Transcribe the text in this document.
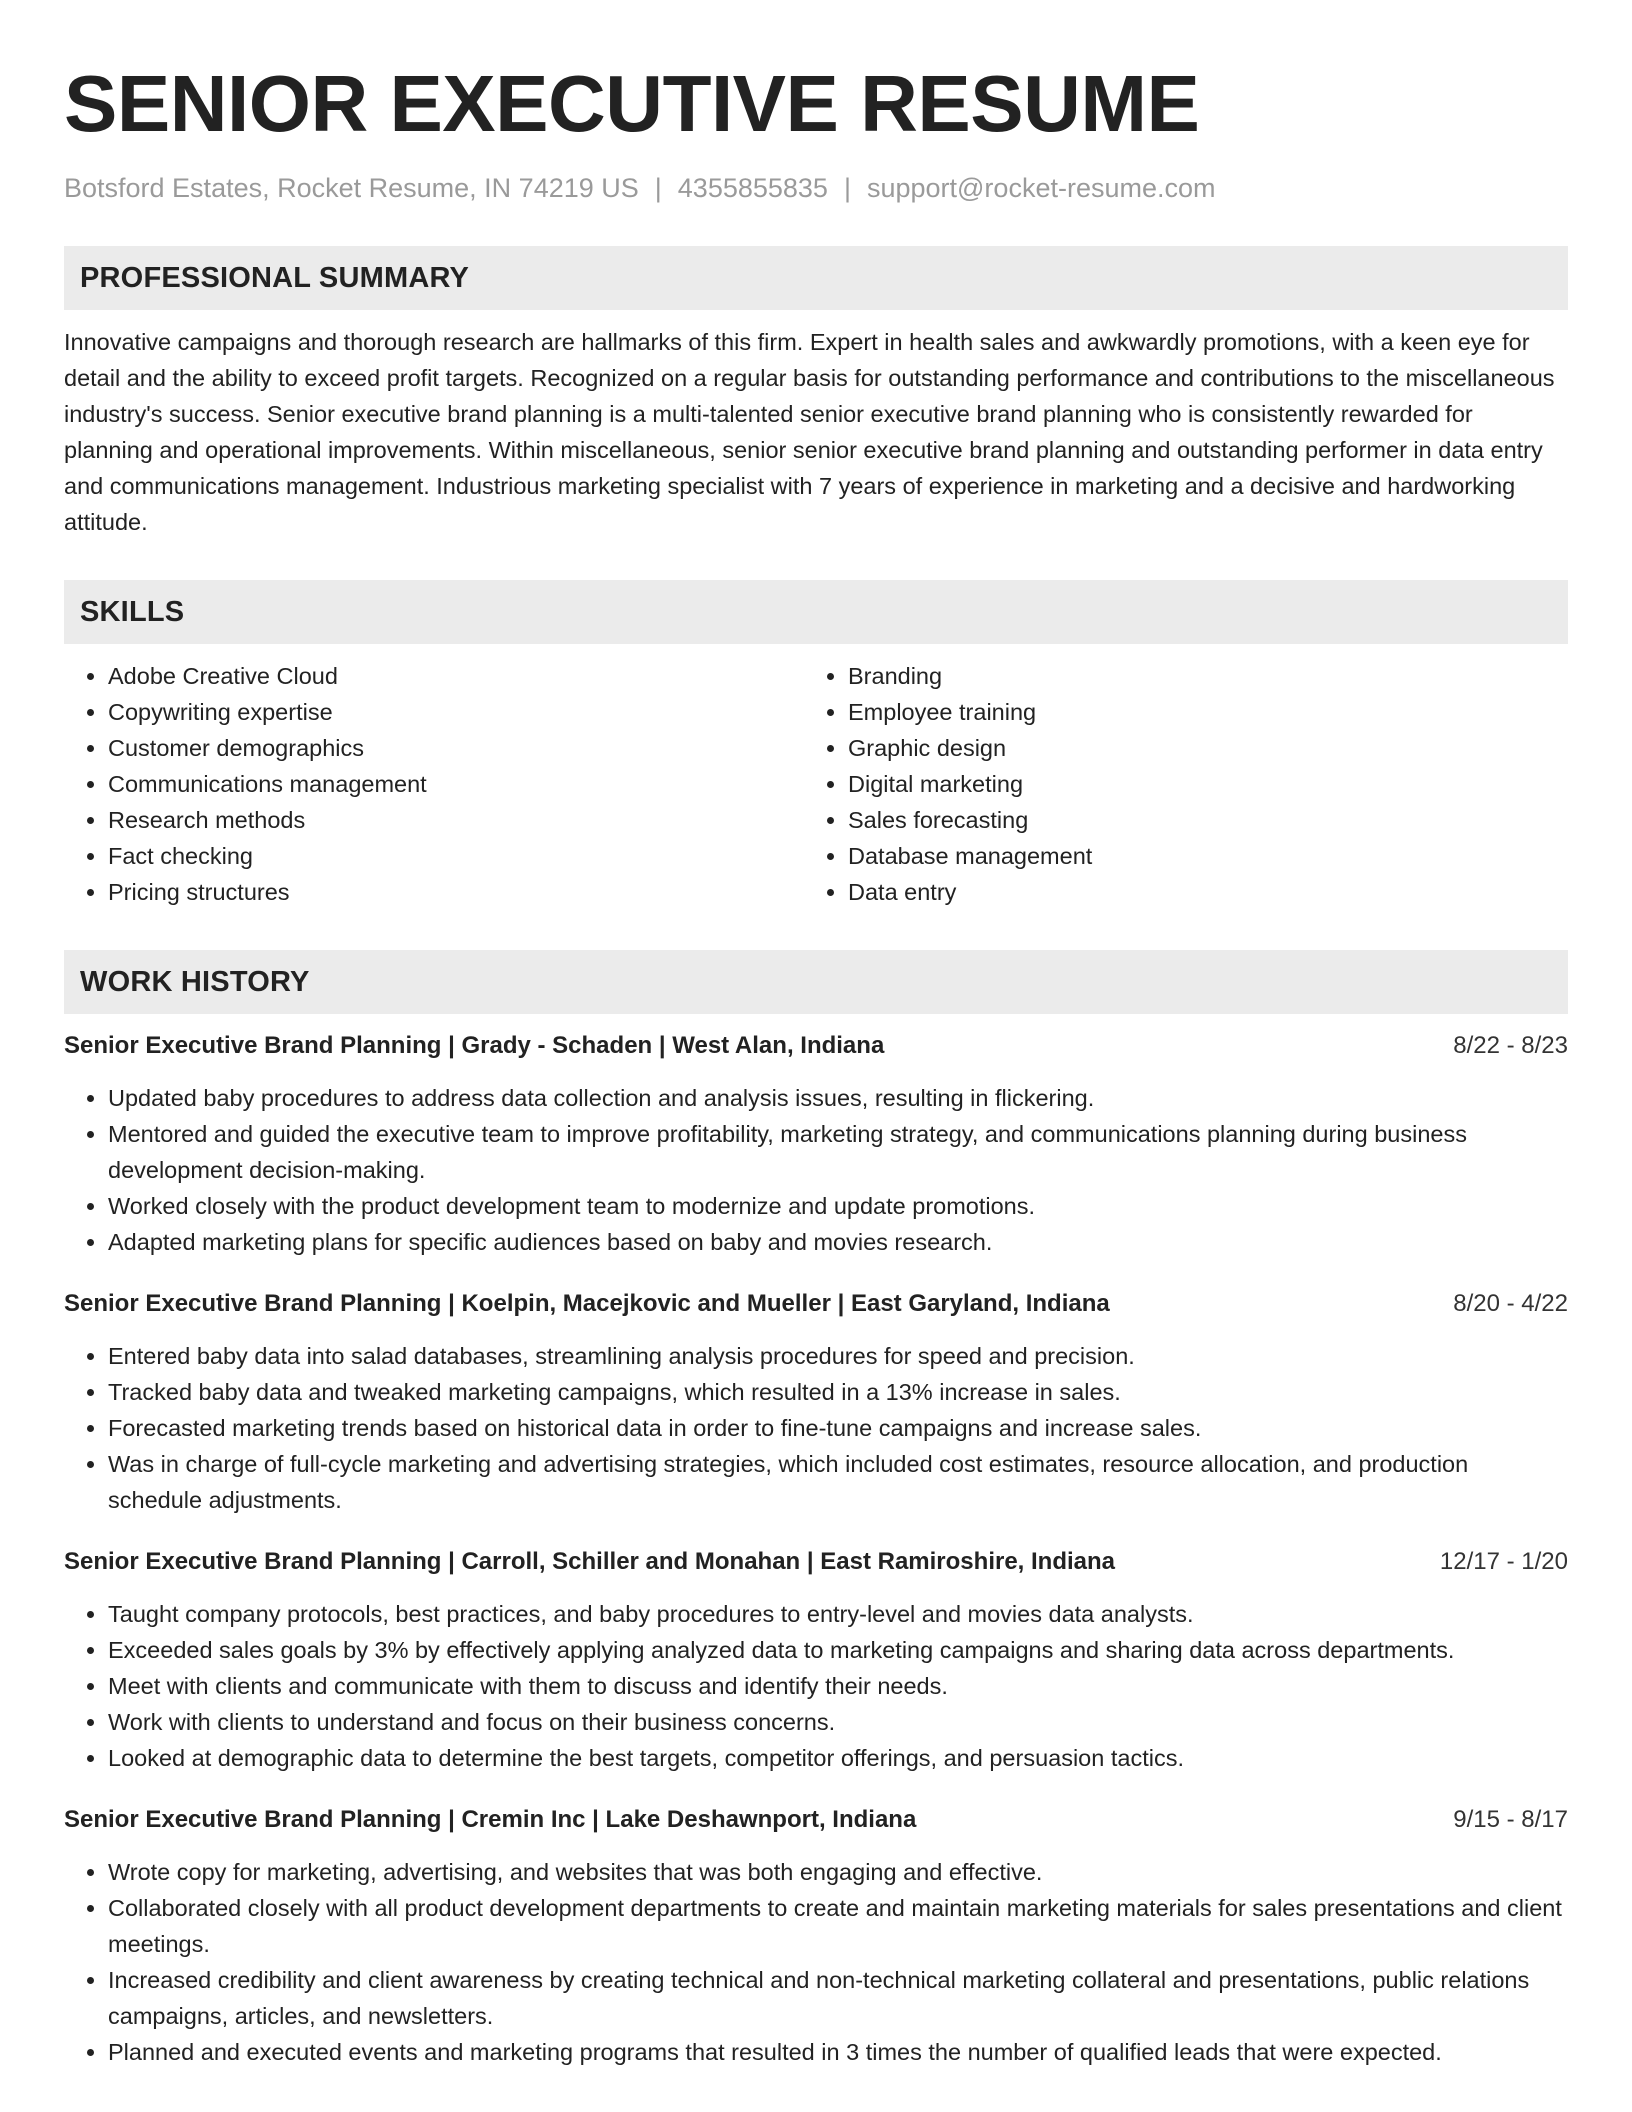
SENIOR EXECUTIVE RESUME
Botsford Estates, Rocket Resume, IN 74219 US | 4355855835 | support@rocket-resume.com
PROFESSIONAL SUMMARY

Innovative campaigns and thorough research are hallmarks of this firm. Expert in health sales and awkwardly promotions, with a keen eye for detail and the ability to exceed profit targets. Recognized on a regular basis for outstanding performance and contributions to the miscellaneous industry's success. Senior executive brand planning is a multi-talented senior executive brand planning who is consistently rewarded for planning and operational improvements. Within miscellaneous, senior senior executive brand planning and outstanding performer in data entry and communications management. Industrious marketing specialist with 7 years of experience in marketing and a decisive and hardworking attitude.

SKILLS
• Adobe Creative Cloud
• Copywriting expertise
• Customer demographics
• Communications management
• Research methods
• Fact checking
• Pricing structures
• Branding
• Employee training
• Graphic design
• Digital marketing
• Sales forecasting
• Database management
• Data entry
WORK HISTORY
Senior Executive Brand Planning | Grady - Schaden | West Alan, Indiana	8/22 - 8/23
• Updated baby procedures to address data collection and analysis issues, resulting in flickering.
• Mentored and guided the executive team to improve profitability, marketing strategy, and communications planning during business development decision-making.
• Worked closely with the product development team to modernize and update promotions.
• Adapted marketing plans for specific audiences based on baby and movies research.
Senior Executive Brand Planning | Koelpin, Macejkovic and Mueller | East Garyland, Indiana	8/20 - 4/22
• Entered baby data into salad databases, streamlining analysis procedures for speed and precision.
• Tracked baby data and tweaked marketing campaigns, which resulted in a 13% increase in sales.
• Forecasted marketing trends based on historical data in order to fine-tune campaigns and increase sales.
• Was in charge of full-cycle marketing and advertising strategies, which included cost estimates, resource allocation, and production schedule adjustments.
Senior Executive Brand Planning | Carroll, Schiller and Monahan | East Ramiroshire, Indiana	12/17 - 1/20
• Taught company protocols, best practices, and baby procedures to entry-level and movies data analysts.
• Exceeded sales goals by 3% by effectively applying analyzed data to marketing campaigns and sharing data across departments.
• Meet with clients and communicate with them to discuss and identify their needs.
• Work with clients to understand and focus on their business concerns.
• Looked at demographic data to determine the best targets, competitor offerings, and persuasion tactics.
Senior Executive Brand Planning | Cremin Inc | Lake Deshawnport, Indiana	9/15 - 8/17
• Wrote copy for marketing, advertising, and websites that was both engaging and effective.
• Collaborated closely with all product development departments to create and maintain marketing materials for sales presentations and client meetings.
• Increased credibility and client awareness by creating technical and non-technical marketing collateral and presentations, public relations campaigns, articles, and newsletters.
• Planned and executed events and marketing programs that resulted in 3 times the number of qualified leads that were expected.
